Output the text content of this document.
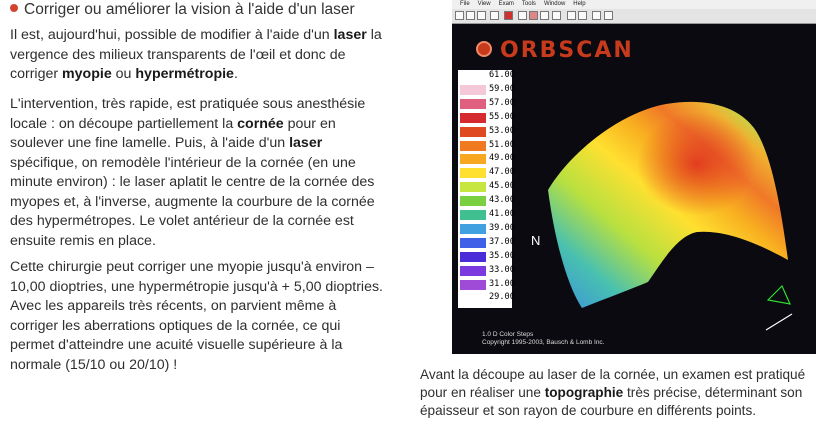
Corriger ou améliorer la vision à l'aide d'un laser
Il est, aujourd'hui, possible de modifier à l'aide d'un laser la vergence des milieux transparents de l'œil et donc de corriger myopie ou hypermétropie.
L'intervention, très rapide, est pratiquée sous anesthésie locale : on découpe partiellement la cornée pour en soulever une fine lamelle. Puis, à l'aide d'un laser spécifique, on remodèle l'intérieur de la cornée (en une minute environ) : le laser aplatit le centre de la cornée des myopes et, à l'inverse, augmente la courbure de la cornée des hypermétropes. Le volet antérieur de la cornée est ensuite remis en place.
Cette chirurgie peut corriger une myopie jusqu'à environ – 10,00 dioptries, une hypermétropie jusqu'à + 5,00 dioptries. Avec les appareils très récents, on parvient même à corriger les aberrations optiques de la cornée, ce qui permet d'atteindre une acuité visuelle supérieure à la normale (15/10 ou 20/10) !
File View Exam Tools Window Help
ORBSCAN
61.00
59.00
57.00
55.00
53.00
51.00
49.00
47.00
45.00
43.00
41.00
39.00
37.00
35.00
33.00
31.00
29.00
N
1.0 D Color Steps
Copyright 1995-2003, Bausch & Lomb Inc.
Avant la découpe au laser de la cornée, un examen est pratiqué pour en réaliser une topographie très précise, déterminant son épaisseur et son rayon de courbure en différents points.
